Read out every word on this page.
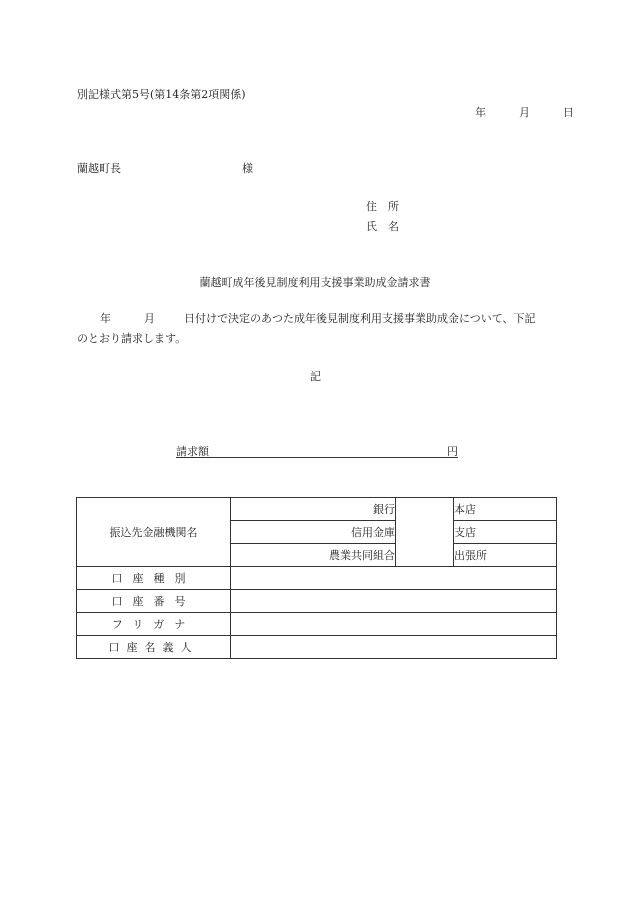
別記様式第5号(第14条第2項関係)
年	月	日
蘭越町長	様
住　所
氏　名
蘭越町成年後見制度利用支援事業助成金請求書
年	月	日付けで決定のあつた成年後見制度利用支援事業助成金について、下記
のとおり請求します。
記
請求額	円
振込先金融機関名	銀行		本店
	信用金庫		支店
	農業共同組合		出張所
口座種別			
口座番号			
フリガナ			
口座名義人			
